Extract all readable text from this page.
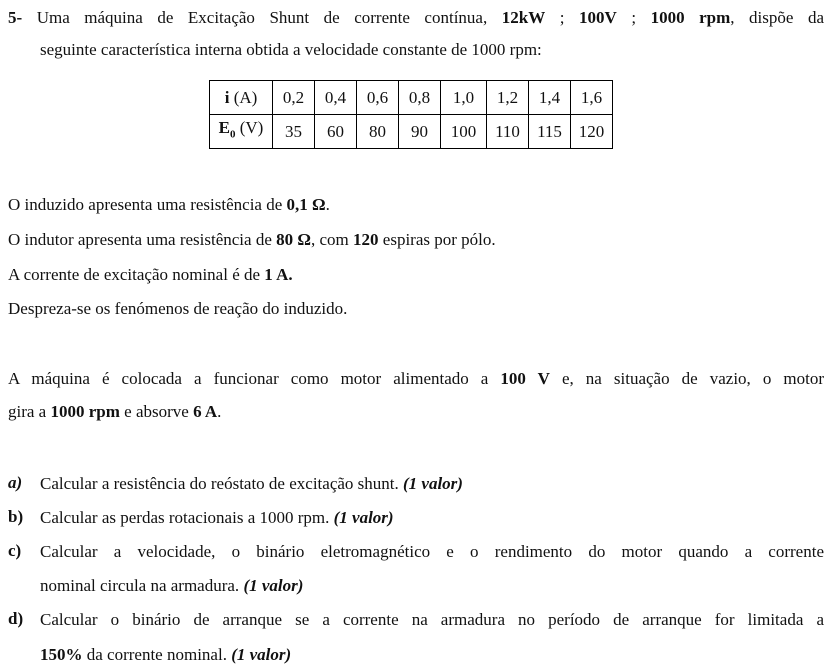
5- Uma máquina de Excitação Shunt de corrente contínua, 12kW ; 100V ; 1000 rpm, dispõe da
seguinte característica interna obtida a velocidade constante de 1000 rpm:
i (A)	0,2	0,4	0,6	0,8	1,0	1,2	1,4	1,6
$E_0$ (V)	35	60	80	90	100	110	115	120
O induzido apresenta uma resistência de 0,1 Ω.
O indutor apresenta uma resistência de 80 Ω, com 120 espiras por pólo.
A corrente de excitação nominal é de 1 A.
Despreza-se os fenómenos de reação do induzido.
A máquina é colocada a funcionar como motor alimentado a 100 V e, na situação de vazio, o motor
gira a 1000 rpm e absorve 6 A.
a) Calcular a resistência do reóstato de excitação shunt. (1 valor)
b) Calcular as perdas rotacionais a 1000 rpm. (1 valor)
c) Calcular a velocidade, o binário eletromagnético e o rendimento do motor quando a corrente
nominal circula na armadura. (1 valor)
d) Calcular o binário de arranque se a corrente na armadura no período de arranque for limitada a
150% da corrente nominal. (1 valor)
